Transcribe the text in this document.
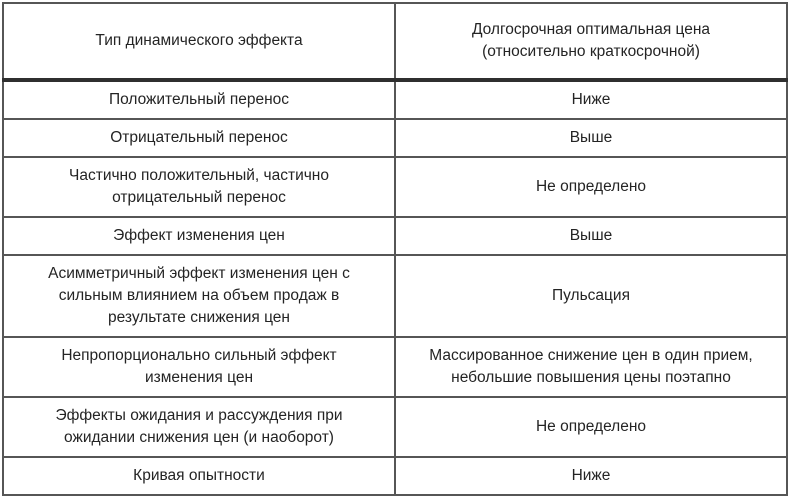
Тип динамического эффекта	Долгосрочная оптимальная цена (относительно краткосрочной)
Положительный перенос	Ниже
Отрицательный перенос	Выше
Частично положительный, частично отрицательный перенос	Не определено
Эффект изменения цен	Выше
Асимметричный эффект изменения цен с сильным влиянием на объем продаж в результате снижения цен	Пульсация
Непропорционально сильный эффект изменения цен	Массированное снижение цен в один прием, небольшие повышения цены поэтапно
Эффекты ожидания и рассуждения при ожидании снижения цен (и наоборот)	Не определено
Кривая опытности	Ниже
